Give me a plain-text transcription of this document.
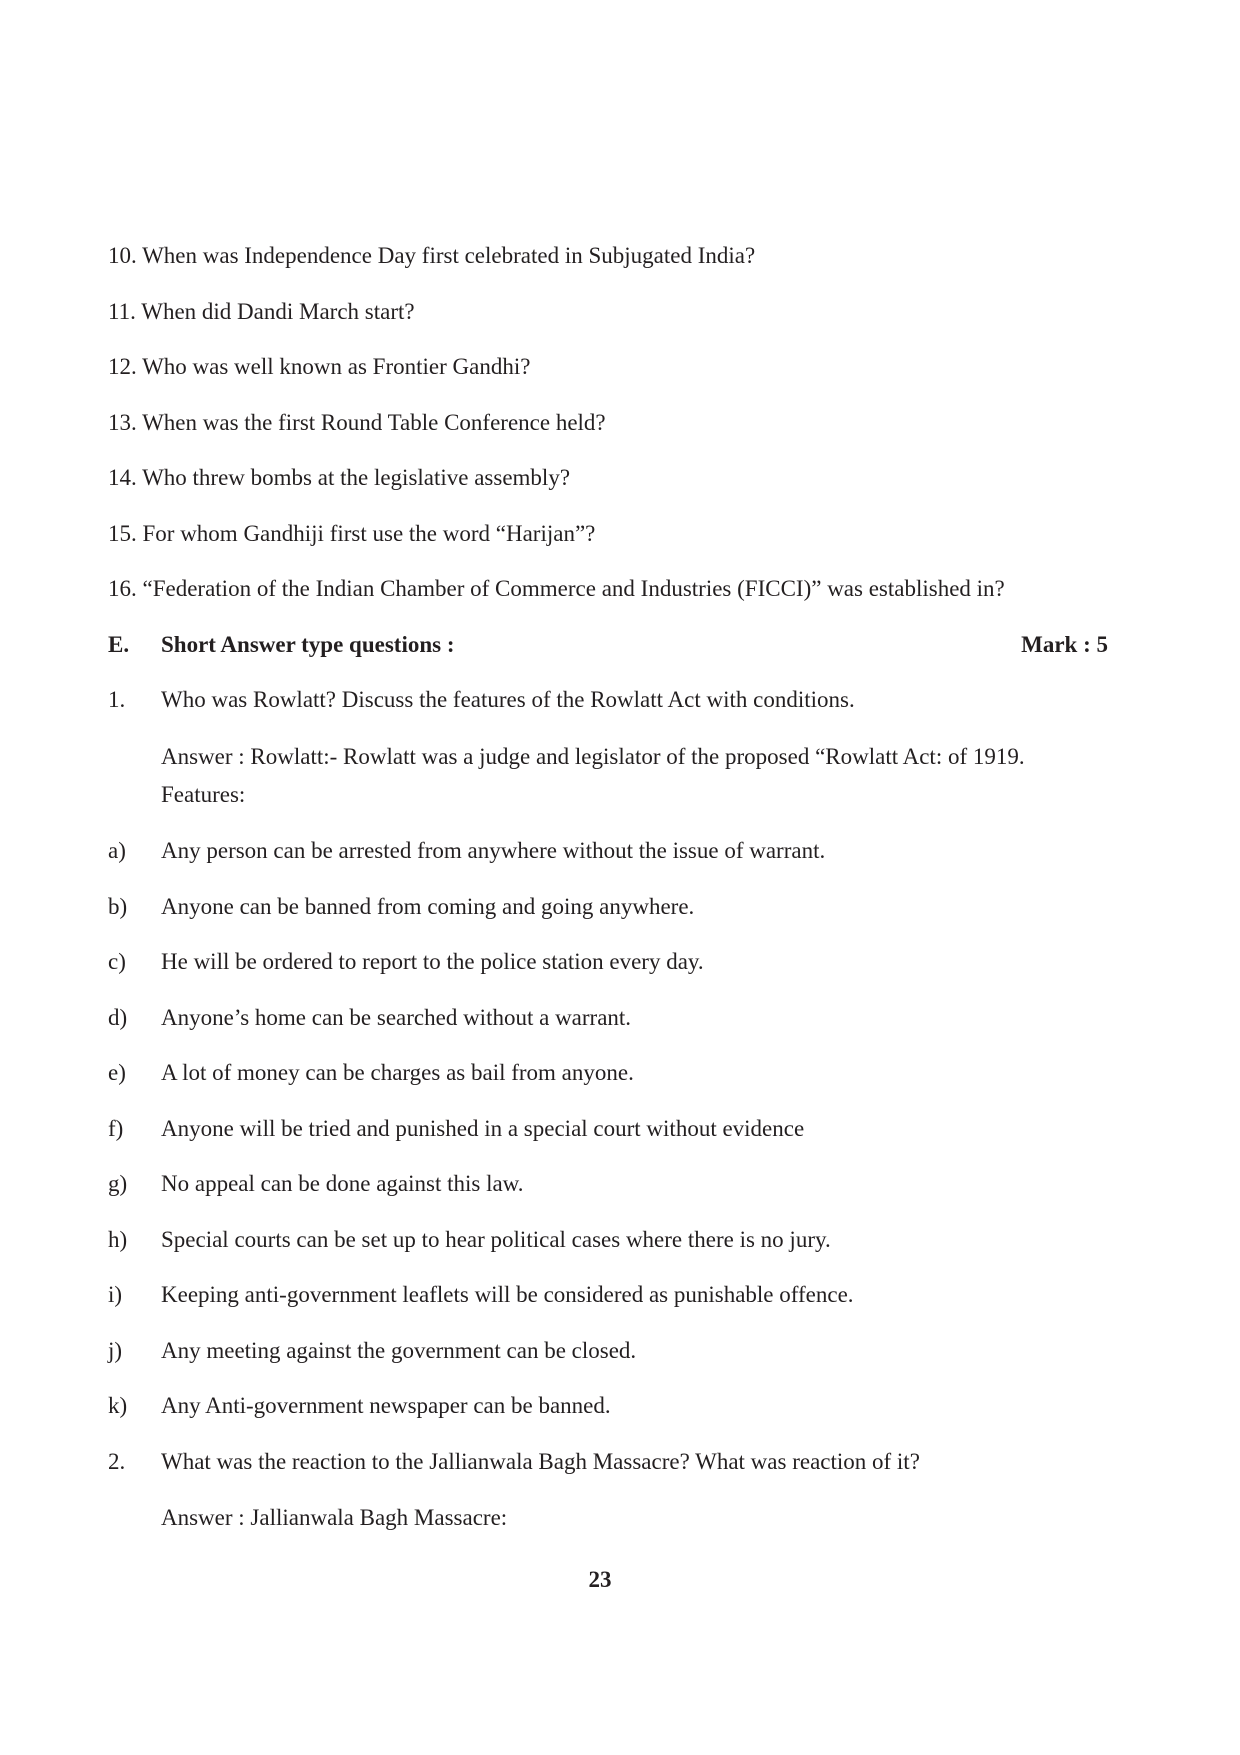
10. When was Independence Day first celebrated in Subjugated India?
11. When did Dandi March start?
12. Who was well known as Frontier Gandhi?
13. When was the first Round Table Conference held?
14. Who threw bombs at the legislative assembly?
15. For whom Gandhiji first use the word “Harijan”?
16. “Federation of the Indian Chamber of Commerce and Industries (FICCI)” was established in?
E.	Short Answer type questions :	Mark : 5
1.	Who was Rowlatt? Discuss the features of the Rowlatt Act with conditions.
Answer : Rowlatt:- Rowlatt was a judge and legislator of the proposed “Rowlatt Act: of 1919.
Features:
a)	Any person can be arrested from anywhere without the issue of warrant.
b)	Anyone can be banned from coming and going anywhere.
c)	He will be ordered to report to the police station every day.
d)	Anyone’s home can be searched without a warrant.
e)	A lot of money can be charges as bail from anyone.
f)	Anyone will be tried and punished in a special court without evidence
g)	No appeal can be done against this law.
h)	Special courts can be set up to hear political cases where there is no jury.
i)	Keeping anti-government leaflets will be considered as punishable offence.
j)	Any meeting against the government can be closed.
k)	Any Anti-government newspaper can be banned.
2.	What was the reaction to the Jallianwala Bagh Massacre? What was reaction of it?
Answer : Jallianwala Bagh Massacre:
23
